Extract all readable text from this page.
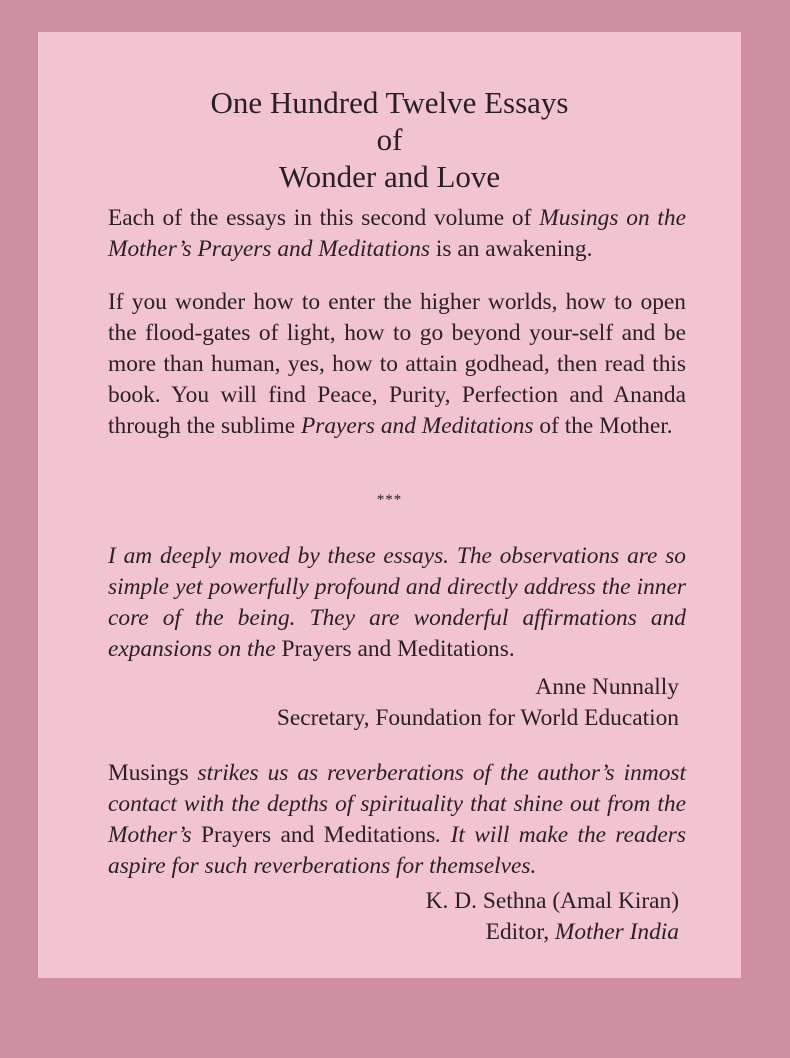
One Hundred Twelve Essays
of
Wonder and Love
Each of the essays in this second volume of Musings on the Mother’s Prayers and Meditations is an awakening.
If you wonder how to enter the higher worlds, how to open the flood-gates of light, how to go beyond your-self and be more than human, yes, how to attain godhead, then read this book. You will find Peace, Purity, Perfection and Ananda through the sublime Prayers and Meditations of the Mother.
***
I am deeply moved by these essays. The observations are so simple yet powerfully profound and directly address the inner core of the being. They are wonderful affirmations and expansions on the Prayers and Meditations.
Anne Nunnally
Secretary, Foundation for World Education
Musings strikes us as reverberations of the author’s inmost contact with the depths of spirituality that shine out from the Mother’s Prayers and Meditations. It will make the readers aspire for such reverberations for themselves.
K. D. Sethna (Amal Kiran)
Editor, Mother India
